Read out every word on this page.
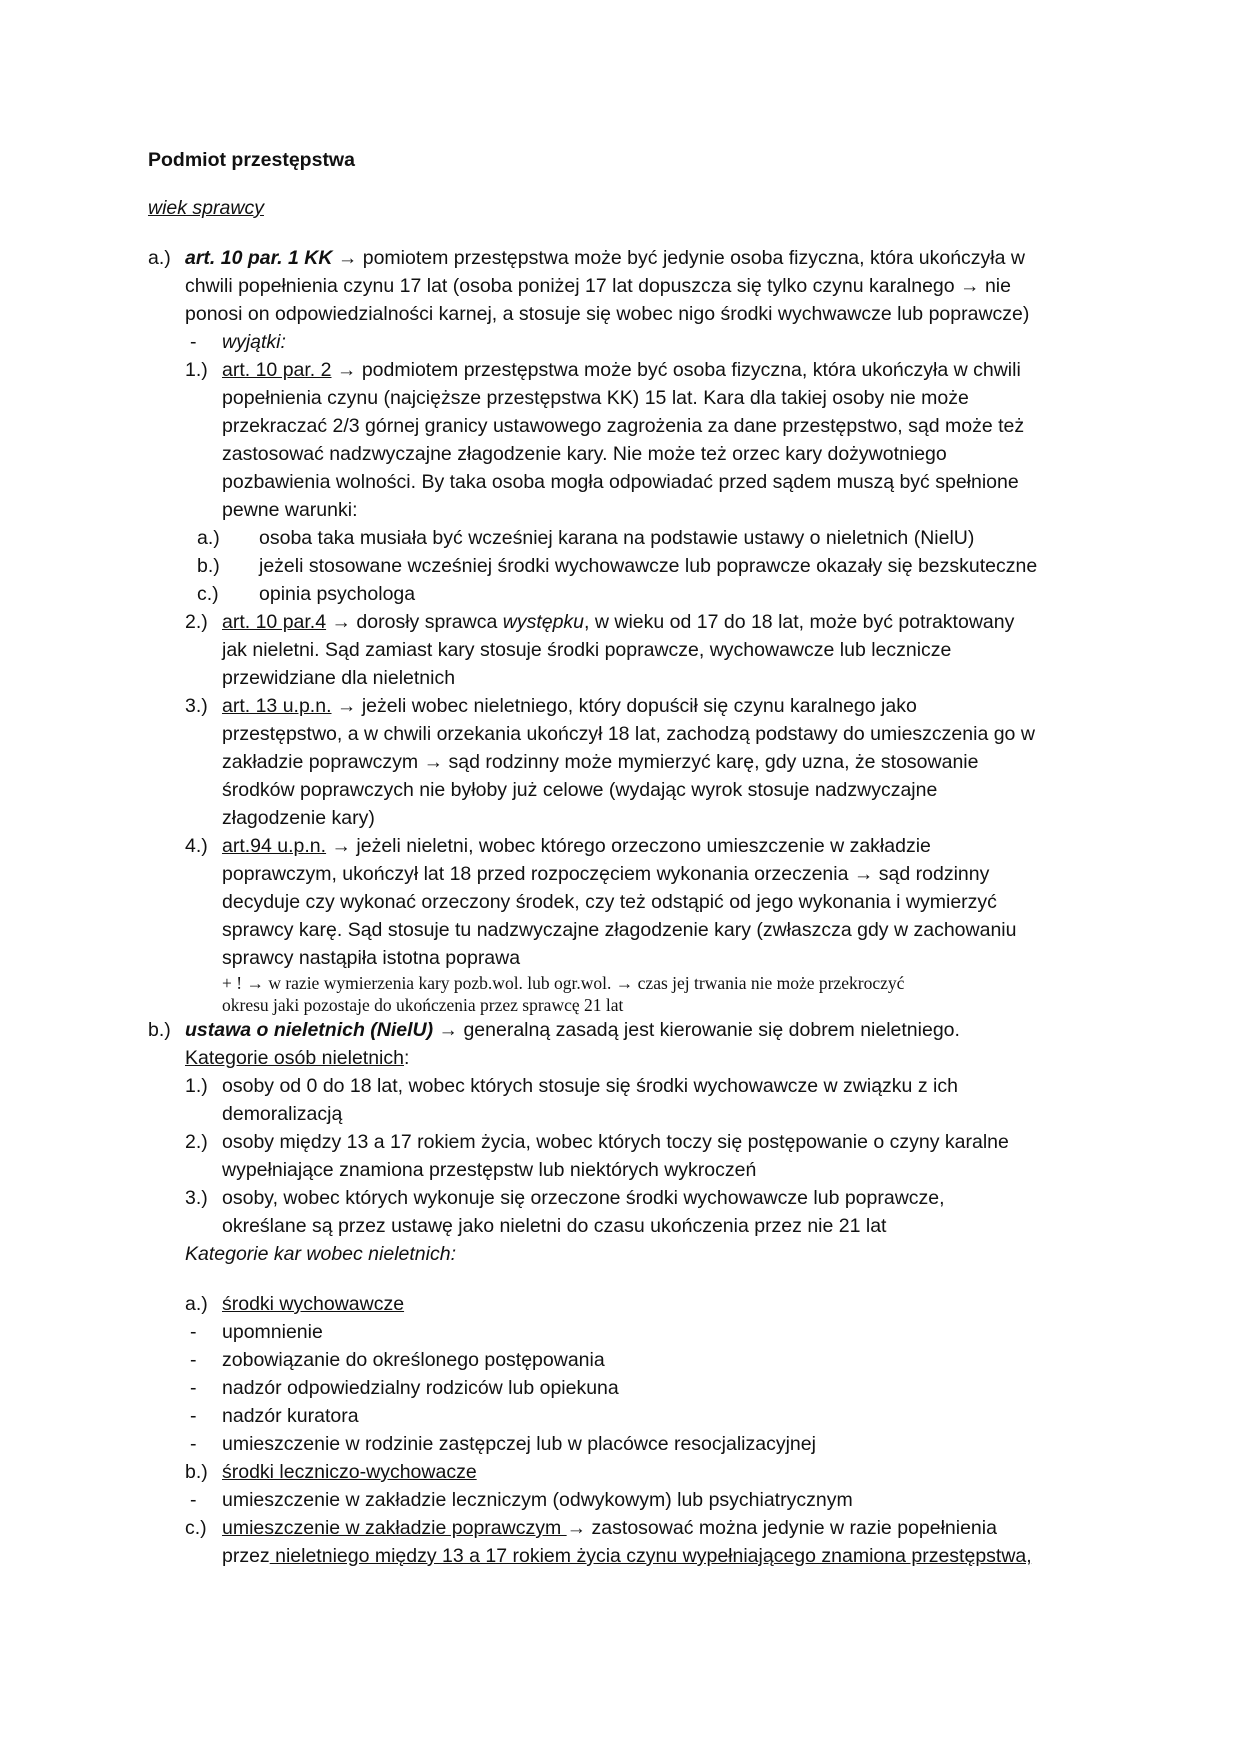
Podmiot przestępstwa
wiek sprawcy
a.) art. 10 par. 1 KK → pomiotem przestępstwa może być jedynie osoba fizyczna, która ukończyła w
chwili popełnienia czynu 17 lat (osoba poniżej 17 lat dopuszcza się tylko czynu karalnego → nie
ponosi on odpowiedzialności karnej, a stosuje się wobec nigo środki wychwawcze lub poprawcze)
- wyjątki:
1.) art. 10 par. 2 → podmiotem przestępstwa może być osoba fizyczna, która ukończyła w chwili
popełnienia czynu (najcięższe przestępstwa KK) 15 lat. Kara dla takiej osoby nie może
przekraczać 2/3 górnej granicy ustawowego zagrożenia za dane przestępstwo, sąd może też
zastosować nadzwyczajne złagodzenie kary. Nie może też orzec kary dożywotniego
pozbawienia wolności. By taka osoba mogła odpowiadać przed sądem muszą być spełnione
pewne warunki:
a.) osoba taka musiała być wcześniej karana na podstawie ustawy o nieletnich (NielU)
b.) jeżeli stosowane wcześniej środki wychowawcze lub poprawcze okazały się bezskuteczne
c.) opinia psychologa
2.) art. 10 par.4 → dorosły sprawca występku, w wieku od 17 do 18 lat, może być potraktowany
jak nieletni. Sąd zamiast kary stosuje środki poprawcze, wychowawcze lub lecznicze
przewidziane dla nieletnich
3.) art. 13 u.p.n. → jeżeli wobec nieletniego, który dopuścił się czynu karalnego jako
przestępstwo, a w chwili orzekania ukończył 18 lat, zachodzą podstawy do umieszczenia go w
zakładzie poprawczym → sąd rodzinny może mymierzyć karę, gdy uzna, że stosowanie
środków poprawczych nie byłoby już celowe (wydając wyrok stosuje nadzwyczajne
złagodzenie kary)
4.) art.94 u.p.n. → jeżeli nieletni, wobec którego orzeczono umieszczenie w zakładzie
poprawczym, ukończył lat 18 przed rozpoczęciem wykonania orzeczenia → sąd rodzinny
decyduje czy wykonać orzeczony środek, czy też odstąpić od jego wykonania i wymierzyć
sprawcy karę. Sąd stosuje tu nadzwyczajne złagodzenie kary (zwłaszcza gdy w zachowaniu
sprawcy nastąpiła istotna poprawa
+ ! → w razie wymierzenia kary pozb.wol. lub ogr.wol. → czas jej trwania nie może przekroczyć
okresu jaki pozostaje do ukończenia przez sprawcę 21 lat
b.) ustawa o nieletnich (NielU) → generalną zasadą jest kierowanie się dobrem nieletniego.
Kategorie osób nieletnich:
1.) osoby od 0 do 18 lat, wobec których stosuje się środki wychowawcze w związku z ich
demoralizacją
2.) osoby między 13 a 17 rokiem życia, wobec których toczy się postępowanie o czyny karalne
wypełniające znamiona przestępstw lub niektórych wykroczeń
3.) osoby, wobec których wykonuje się orzeczone środki wychowawcze lub poprawcze,
określane są przez ustawę jako nieletni do czasu ukończenia przez nie 21 lat
Kategorie kar wobec nieletnich:
a.) środki wychowawcze
- upomnienie
- zobowiązanie do określonego postępowania
- nadzór odpowiedzialny rodziców lub opiekuna
- nadzór kuratora
- umieszczenie w rodzinie zastępczej lub w placówce resocjalizacyjnej
b.) środki leczniczo-wychowacze
- umieszczenie w zakładzie leczniczym (odwykowym) lub psychiatrycznym
c.) umieszczenie w zakładzie poprawczym → zastosować można jedynie w razie popełnienia
przez nieletniego między 13 a 17 rokiem życia czynu wypełniającego znamiona przestępstwa,
